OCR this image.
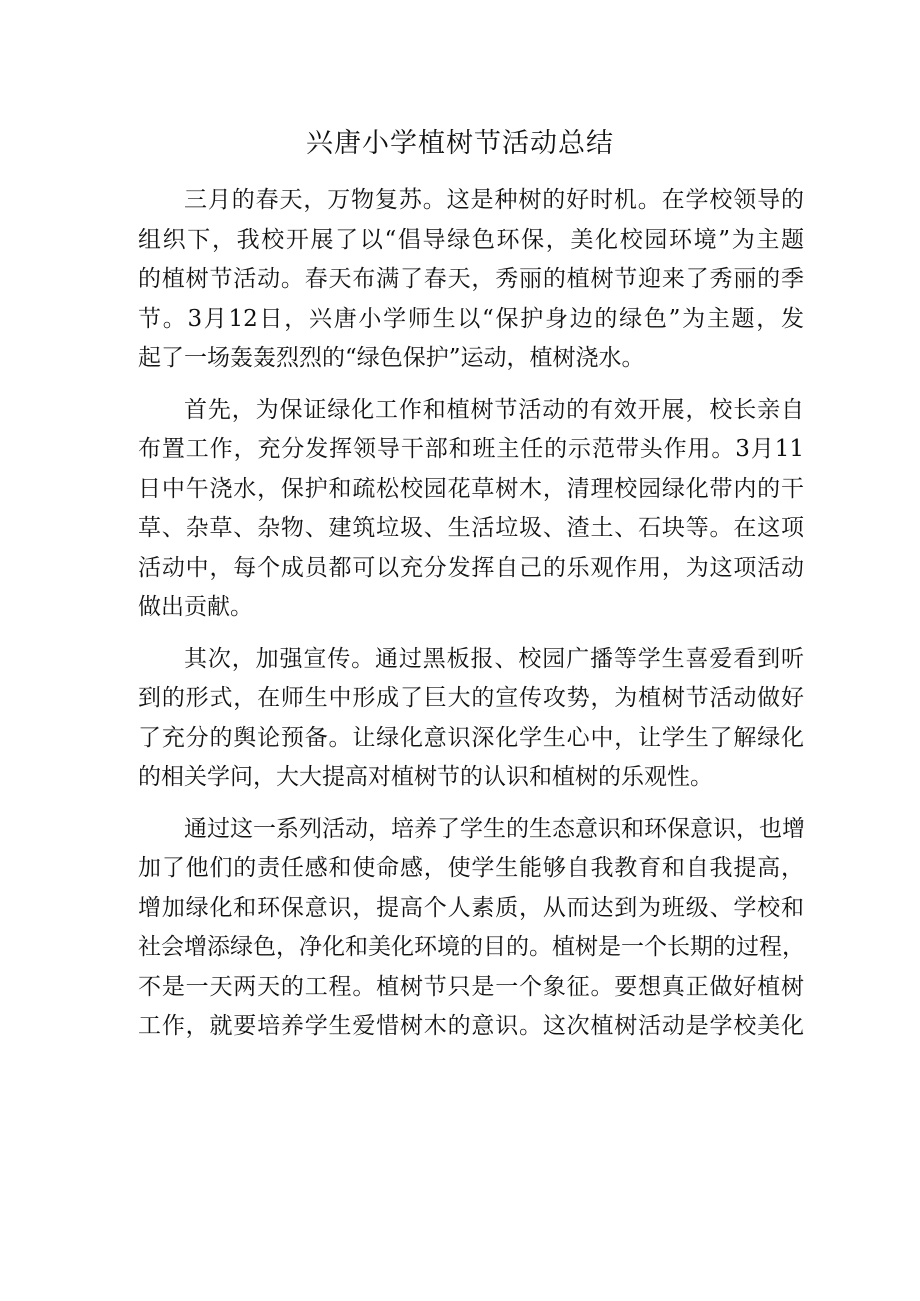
兴唐小学植树节活动总结

三月的春天，万物复苏。这是种树的好时机。在学校领导的
组织下，我校开展了以“倡导绿色环保，美化校园环境”为主题
的植树节活动。春天布满了春天，秀丽的植树节迎来了秀丽的季
节。3月12日，兴唐小学师生以“保护身边的绿色”为主题，发
起了一场轰轰烈烈的“绿色保护”运动，植树浇水。

首先，为保证绿化工作和植树节活动的有效开展，校长亲自
布置工作，充分发挥领导干部和班主任的示范带头作用。3月11
日中午浇水，保护和疏松校园花草树木，清理校园绿化带内的干
草、杂草、杂物、建筑垃圾、生活垃圾、渣土、石块等。在这项
活动中，每个成员都可以充分发挥自己的乐观作用，为这项活动
做出贡献。

其次，加强宣传。通过黑板报、校园广播等学生喜爱看到听
到的形式，在师生中形成了巨大的宣传攻势，为植树节活动做好
了充分的舆论预备。让绿化意识深化学生心中，让学生了解绿化
的相关学问，大大提高对植树节的认识和植树的乐观性。

通过这一系列活动，培养了学生的生态意识和环保意识，也增
加了他们的责任感和使命感，使学生能够自我教育和自我提高，
增加绿化和环保意识，提高个人素质，从而达到为班级、学校和
社会增添绿色，净化和美化环境的目的。植树是一个长期的过程，
不是一天两天的工程。植树节只是一个象征。要想真正做好植树
工作，就要培养学生爱惜树木的意识。这次植树活动是学校美化
